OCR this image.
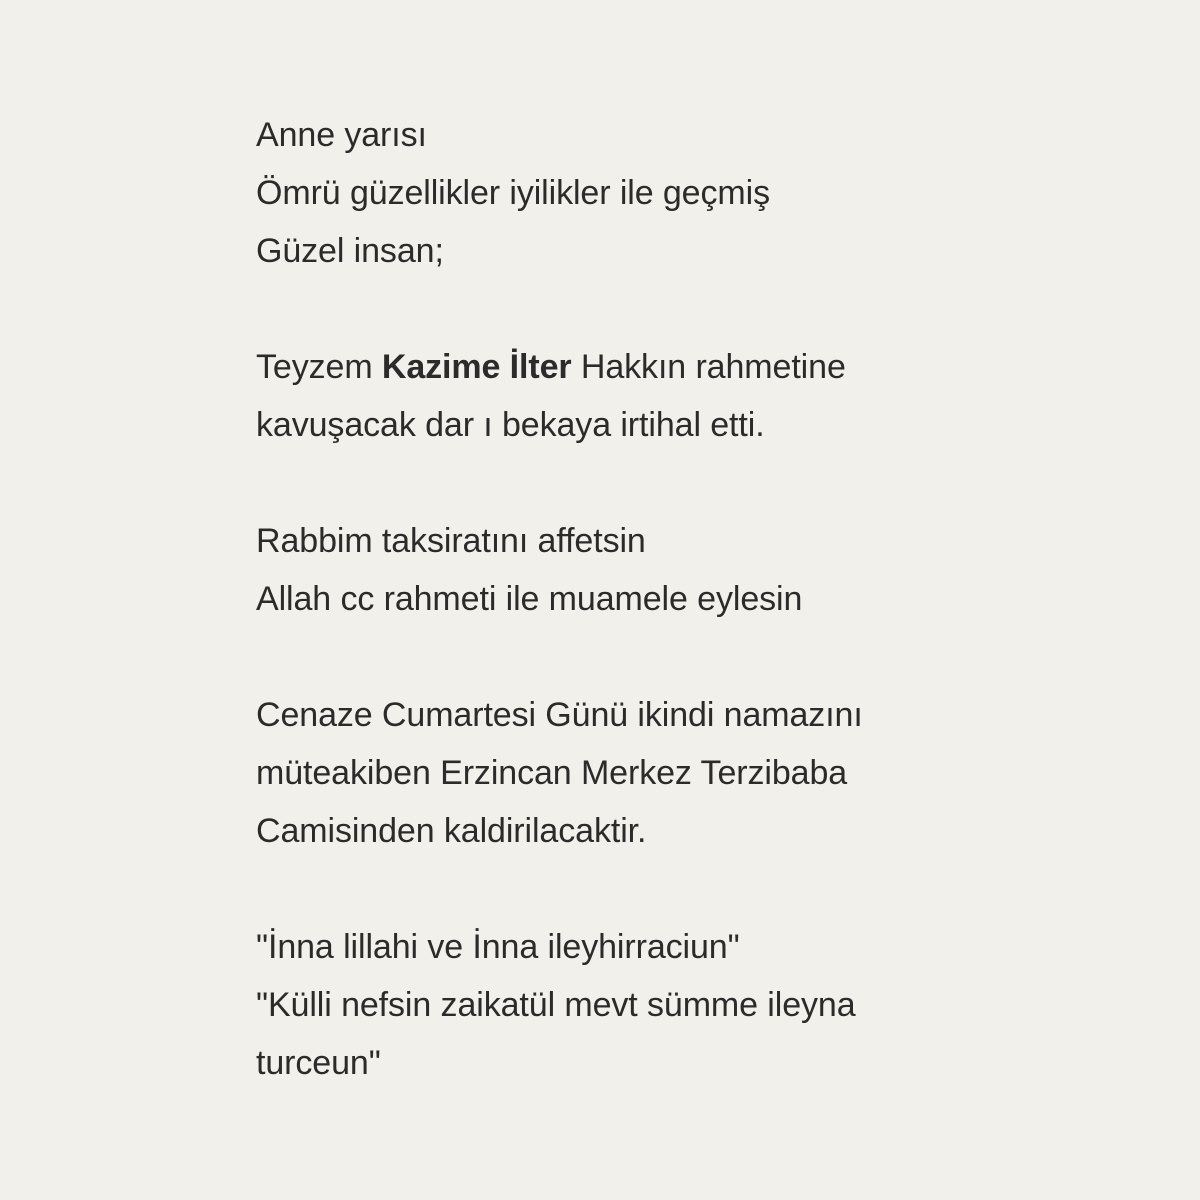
Anne yarısı
Ömrü güzellikler iyilikler ile geçmiş
Güzel insan;
Teyzem Kazime İlter Hakkın rahmetine
kavuşacak dar ı bekaya irtihal etti.
Rabbim taksiratını affetsin
Allah cc rahmeti ile muamele eylesin
Cenaze Cumartesi Günü ikindi namazını
müteakiben Erzincan Merkez Terzibaba
Camisinden kaldirilacaktir.
"İnna lillahi ve İnna ileyhirraciun"
"Külli nefsin zaikatül mevt sümme ileyna
turceun"
